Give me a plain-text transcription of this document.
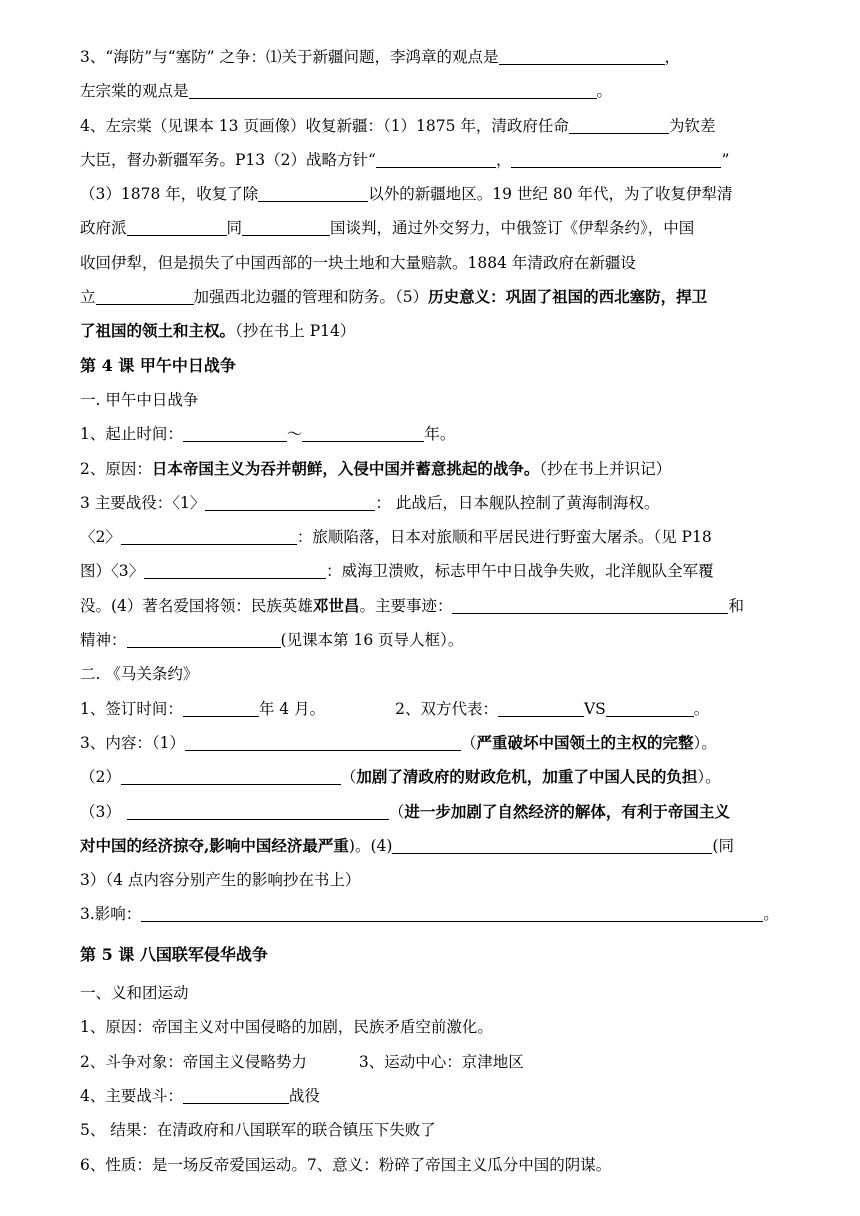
3、“海防”与“塞防” 之争：⑴关于新疆问题，李鸿章的观点是	，
左宗棠的观点是	。
4、左宗棠（见课本 13 页画像）收复新疆：（1）1875 年，清政府任命	为钦差
大臣，督办新疆军务。P13（2）战略方针“	，	”
（3）1878 年，收复了除	以外的新疆地区。19 世纪 80 年代，为了收复伊犁清
政府派	同	国谈判，通过外交努力，中俄签订《伊犁条约》，中国
收回伊犁，但是损失了中国西部的一块土地和大量赔款。1884 年清政府在新疆设
立	加强西北边疆的管理和防务。（5）历史意义：巩固了祖国的西北塞防，捍卫
了祖国的领土和主权。（抄在书上 P14）
第 4 课 甲午中日战争
一. 甲午中日战争
1、起止时间：	～	年。
2、原因：日本帝国主义为吞并朝鲜，入侵中国并蓄意挑起的战争。（抄在书上并识记）
3 主要战役：〈1〉	： 此战后，日本舰队控制了黄海制海权。
〈2〉	：旅顺陷落，日本对旅顺和平居民进行野蛮大屠杀。（见 P18
图）〈3〉	：威海卫溃败，标志甲午中日战争失败，北洋舰队全军覆
没。(4）著名爱国将领：民族英雄邓世昌。主要事迹：	和
精神：	(见课本第 16 页导人框）。
二. 《马关条约》
1、签订时间：	年 4 月。	2、双方代表：	VS	。
3、内容：（1）	（严重破坏中国领土的主权的完整）。
（2）	（加剧了清政府的财政危机，加重了中国人民的负担）。
（3）	（进一步加剧了自然经济的解体，有利于帝国主义
对中国的经济掠夺,影响中国经济最严重)。(4)	(同
3）（4 点内容分别产生的影响抄在书上）
3.影响：	。
第 5 课 八国联军侵华战争
一、义和团运动
1、原因：帝国主义对中国侵略的加剧，民族矛盾空前激化。
2、斗争对象：帝国主义侵略势力	3、运动中心：京津地区
4、主要战斗：	战役
5、 结果：在清政府和八国联军的联合镇压下失败了
6、性质：是一场反帝爱国运动。7、意义：粉碎了帝国主义瓜分中国的阴谋。
